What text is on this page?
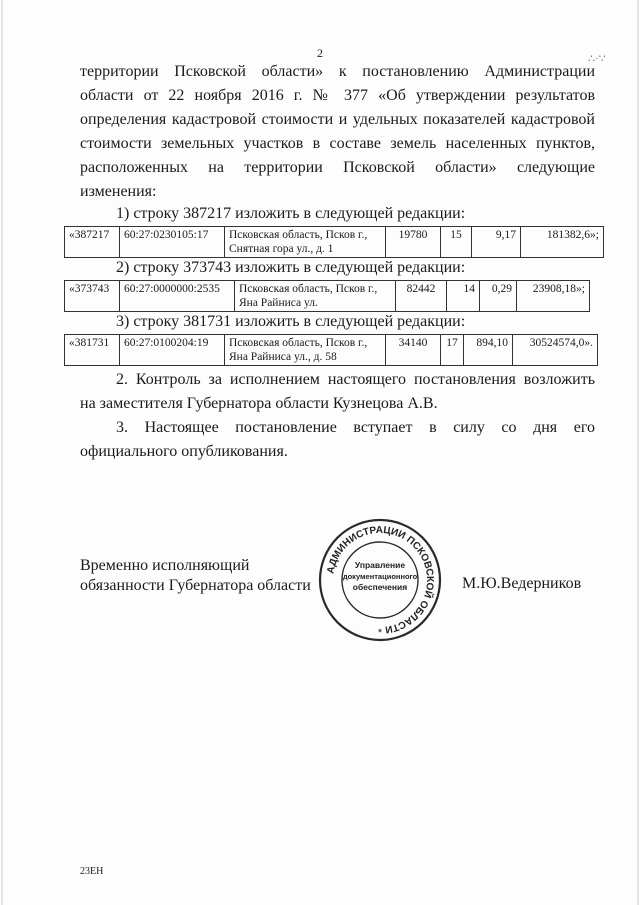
2	∴·∵
территории Псковской области» к постановлению Администрации
области от 22 ноября 2016 г. № 377 «Об утверждении результатов
определения кадастровой стоимости и удельных показателей кадастровой
стоимости земельных участков в составе земель населенных пунктов,
расположенных на территории Псковской области» следующие
изменения:
1) строку 387217 изложить в следующей редакции:
«387217	60:27:0230105:17	Псковская область, Псков г.,
Снятная гора ул., д. 1	19780	15	9,17	181382,6»;
2) строку 373743 изложить в следующей редакции:
«373743	60:27:0000000:2535	Псковская область, Псков г.,
Яна Райниса ул.	82442	14	0,29	23908,18»;
3) строку 381731 изложить в следующей редакции:
«381731	60:27:0100204:19	Псковская область, Псков г.,
Яна Райниса ул., д. 58	34140	17	894,10	30524574,0».
2. Контроль за исполнением настоящего постановления возложить
на заместителя Губернатора области Кузнецова А.В.
3. Настоящее постановление вступает в силу со дня его
официального опубликования.
Временно исполняющий
обязанности Губернатора области
АДМИНИСТРАЦИИ ПСКОВСКОЙ ОБЛАСТИ
Управление
документационного
обеспечения
*
М.Ю.Ведерников
23EH
